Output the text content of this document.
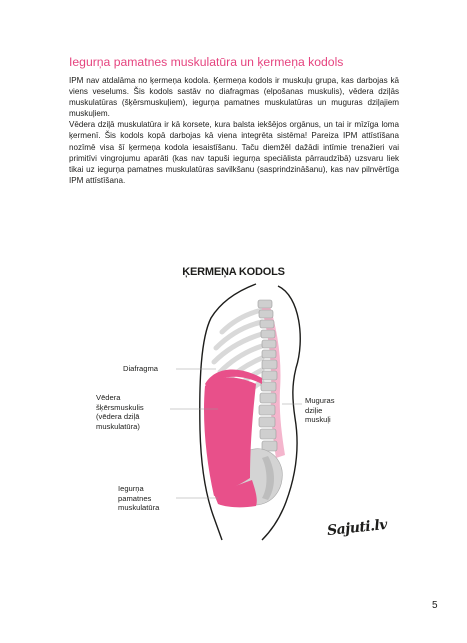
Iegurņa pamatnes muskulatūra un ķermeņa kodols

IPM nav atdalāma no ķermeņa kodola. Ķermeņa kodols ir muskuļu grupa, kas darbojas kā viens veselums. Šis kodols sastāv no diafragmas (elpošanas muskulis), vēdera dziļās muskulatūras (šķērsmuskuļiem), iegurņa pamatnes muskulatūras un muguras dziļajiem muskuļiem.

Vēdera dziļā muskulatūra ir kā korsete, kura balsta iekšējos orgānus, un tai ir mīzīga loma ķermenī. Šis kodols kopā darbojas kā viena integrēta sistēma! Pareiza IPM attīstīšana nozīmē visa šī ķermeņa kodola iesaistīšanu. Taču diemžēl dažādi intīmie trenažieri vai primitīvi vingrojumu aparāti (kas nav tapuši iegurņa speciālista pārraudzībā) uzsvaru liek tikai uz iegurņa pamatnes muskulatūras savilkšanu (sasprindzināšanu), kas nav pilnvērtīga IPM attīstīšana.

ĶERMEŅA KODOLS
Diafragma
Vēdera
šķērsmuskulis
(vēdera dziļā
muskulatūra)
Muguras
dziļie
muskuļi
Iegurņa
pamatnes
muskulatūra
Sajuti.lv
5
